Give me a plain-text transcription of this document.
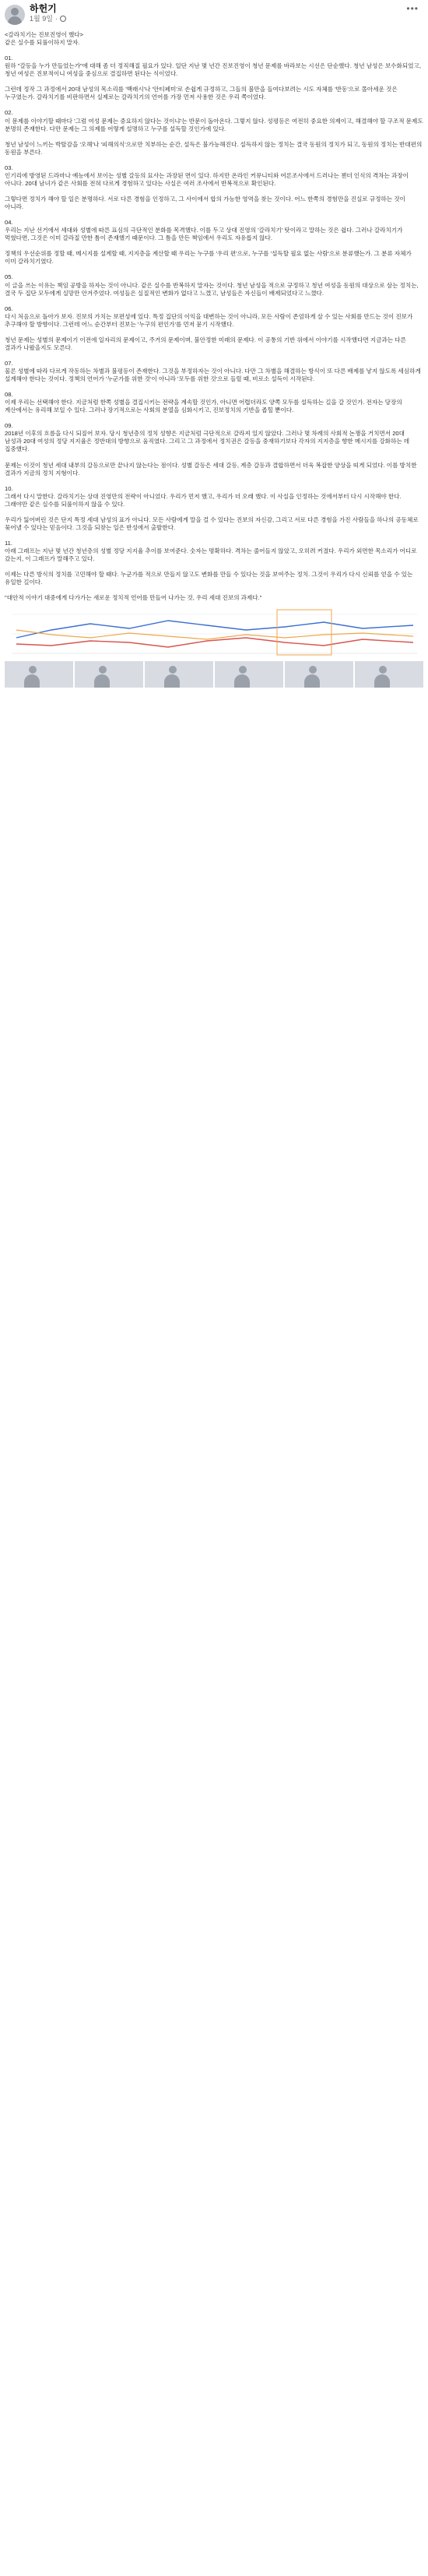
하헌기
1월 9일 ·
•••
<갈라치기는 진보진영이 했다>
같은 실수를 되풀이하지 말자.

01.
원하 "갈등을 누가 만들었는가"에 대해 좀 더 정직해질 필요가 있다. 일단 지난 몇 년간 진보진영이 청년 문제를 바라보는 시선은 단순했다. 청년 남성은 보수화되었고, 청년 여성은 진보적이니 여성을 중심으로 결집하면 된다는 식이었다.

그런데 정작 그 과정에서 20대 남성의 목소리를 '백래시'나 '안티페미'로 손쉽게 규정하고, 그들의 불만을 들여다보려는 시도 자체를 '반동'으로 몰아세운 것은 누구였는가. 갈라치기를 비판하면서 실제로는 갈라치기의 언어를 가장 먼저 사용한 것은 우리 쪽이었다.

02.
이 문제를 이야기할 때마다 '그럼 여성 문제는 중요하지 않다는 것이냐'는 반문이 돌아온다. 그렇지 않다. 성평등은 여전히 중요한 의제이고, 해결해야 할 구조적 문제도 분명히 존재한다. 다만 문제는 그 의제를 어떻게 설명하고 누구를 설득할 것인가에 있다.

청년 남성이 느끼는 박탈감을 '오해'나 '피해의식'으로만 치부하는 순간, 설득은 불가능해진다. 설득하지 않는 정치는 결국 동원의 정치가 되고, 동원의 정치는 반대편의 동원을 부른다.

03.
인기리에 방영된 드라마나 예능에서 보이는 성별 갈등의 묘사는 과장된 면이 있다. 하지만 온라인 커뮤니티와 여론조사에서 드러나는 젠더 인식의 격차는 과장이 아니다. 20대 남녀가 같은 사회를 전혀 다르게 경험하고 있다는 사실은 여러 조사에서 반복적으로 확인된다.

그렇다면 정치가 해야 할 일은 분명하다. 서로 다른 경험을 인정하고, 그 사이에서 합의 가능한 영역을 찾는 것이다. 어느 한쪽의 경험만을 진실로 규정하는 것이 아니라.

04.
우리는 지난 선거에서 세대와 성별에 따른 표심의 극단적인 분화를 목격했다. 이를 두고 상대 진영의 '갈라치기' 탓이라고 말하는 것은 쉽다. 그러나 갈라치기가 먹혔다면, 그것은 이미 갈라질 만한 틈이 존재했기 때문이다. 그 틈을 만든 책임에서 우리도 자유롭지 않다.

정책의 우선순위를 정할 때, 메시지를 설계할 때, 지지층을 계산할 때 우리는 누구를 '우리 편'으로, 누구를 '설득할 필요 없는 사람'으로 분류했는가. 그 분류 자체가 이미 갈라치기였다.

05.
이 글을 쓰는 이유는 책임 공방을 하자는 것이 아니다. 같은 실수를 반복하지 말자는 것이다. 청년 남성을 적으로 규정하고 청년 여성을 동원의 대상으로 삼는 정치는, 결국 두 집단 모두에게 실망만 안겨주었다. 여성들은 실질적인 변화가 없다고 느꼈고, 남성들은 자신들이 배제되었다고 느꼈다.

06.
다시 처음으로 돌아가 보자. 진보의 가치는 보편성에 있다. 특정 집단의 이익을 대변하는 것이 아니라, 모든 사람이 존엄하게 살 수 있는 사회를 만드는 것이 진보가 추구해야 할 방향이다. 그런데 어느 순간부터 진보는 '누구의 편인가'를 먼저 묻기 시작했다.

청년 문제는 성별의 문제이기 이전에 일자리의 문제이고, 주거의 문제이며, 불안정한 미래의 문제다. 이 공통의 기반 위에서 이야기를 시작했다면 지금과는 다른 결과가 나왔을지도 모른다.

07.
물론 성별에 따라 다르게 작동하는 차별과 불평등이 존재한다. 그것을 부정하자는 것이 아니다. 다만 그 차별을 해결하는 방식이 또 다른 배제를 낳지 않도록 세심하게 설계해야 한다는 것이다. 정책의 언어가 '누군가를 위한 것'이 아니라 '모두를 위한 것'으로 들릴 때, 비로소 설득이 시작된다.

08.
이제 우리는 선택해야 한다. 지금처럼 한쪽 성별을 결집시키는 전략을 계속할 것인가, 아니면 어렵더라도 양쪽 모두를 설득하는 길을 갈 것인가. 전자는 당장의 계산에서는 유리해 보일 수 있다. 그러나 장기적으로는 사회의 분열을 심화시키고, 진보정치의 기반을 좁힐 뿐이다.

09.
2018년 이후의 흐름을 다시 되짚어 보자. 당시 청년층의 정치 성향은 지금처럼 극단적으로 갈라져 있지 않았다. 그러나 몇 차례의 사회적 논쟁을 거치면서 20대 남성과 20대 여성의 정당 지지율은 정반대의 방향으로 움직였다. 그리고 그 과정에서 정치권은 갈등을 중재하기보다 각자의 지지층을 향한 메시지를 강화하는 데 집중했다.

문제는 이것이 청년 세대 내부의 갈등으로만 끝나지 않는다는 점이다. 성별 갈등은 세대 갈등, 계층 갈등과 결합하면서 더욱 복잡한 양상을 띠게 되었다. 이를 방치한 결과가 지금의 정치 지형이다.

10.
그래서 다시 말한다. 갈라치기는 상대 진영만의 전략이 아니었다. 우리가 먼저 했고, 우리가 더 오래 했다. 이 사실을 인정하는 것에서부터 다시 시작해야 한다. 그래야만 같은 실수를 되풀이하지 않을 수 있다.

우리가 잃어버린 것은 단지 특정 세대 남성의 표가 아니다. 모든 사람에게 말을 걸 수 있다는 진보의 자신감, 그리고 서로 다른 경험을 가진 사람들을 하나의 공동체로 묶어낼 수 있다는 믿음이다. 그것을 되찾는 일은 반성에서 출발한다.

11.
아래 그래프는 지난 몇 년간 청년층의 성별 정당 지지율 추이를 보여준다. 숫자는 명확하다. 격차는 줄어들지 않았고, 오히려 커졌다. 우리가 외면한 목소리가 어디로 갔는지, 이 그래프가 말해주고 있다.

이제는 다른 방식의 정치를 고민해야 할 때다. 누군가를 적으로 만들지 않고도 변화를 만들 수 있다는 것을 보여주는 정치. 그것이 우리가 다시 신뢰를 얻을 수 있는 유일한 길이다.

"대안적 이야기 대중에게 다가가는 새로운 정치적 언어를 만들어 나가는 것, 우리 세대 진보의 과제다."
